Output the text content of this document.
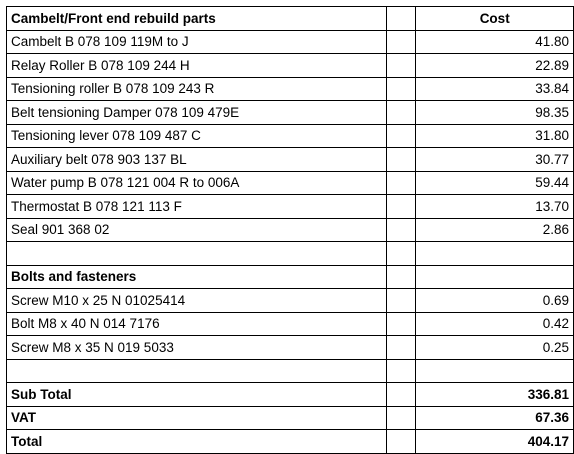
Cambelt/Front end rebuild parts		Cost
Cambelt B 078 109 119M to J		41.80
Relay Roller B 078 109 244 H		22.89
Tensioning roller B 078 109 243 R		33.84
Belt tensioning Damper 078 109 479E		98.35
Tensioning lever 078 109 487 C		31.80
Auxiliary belt 078 903 137 BL		30.77
Water pump B 078 121 004 R to 006A		59.44
Thermostat B 078 121 113 F		13.70
Seal 901 368 02		2.86

Bolts and fasteners		
Screw M10 x 25 N 01025414		0.69
Bolt M8 x 40 N 014 7176		0.42
Screw M8 x 35 N 019 5033		0.25

Sub Total		336.81
VAT		67.36
Total		404.17
